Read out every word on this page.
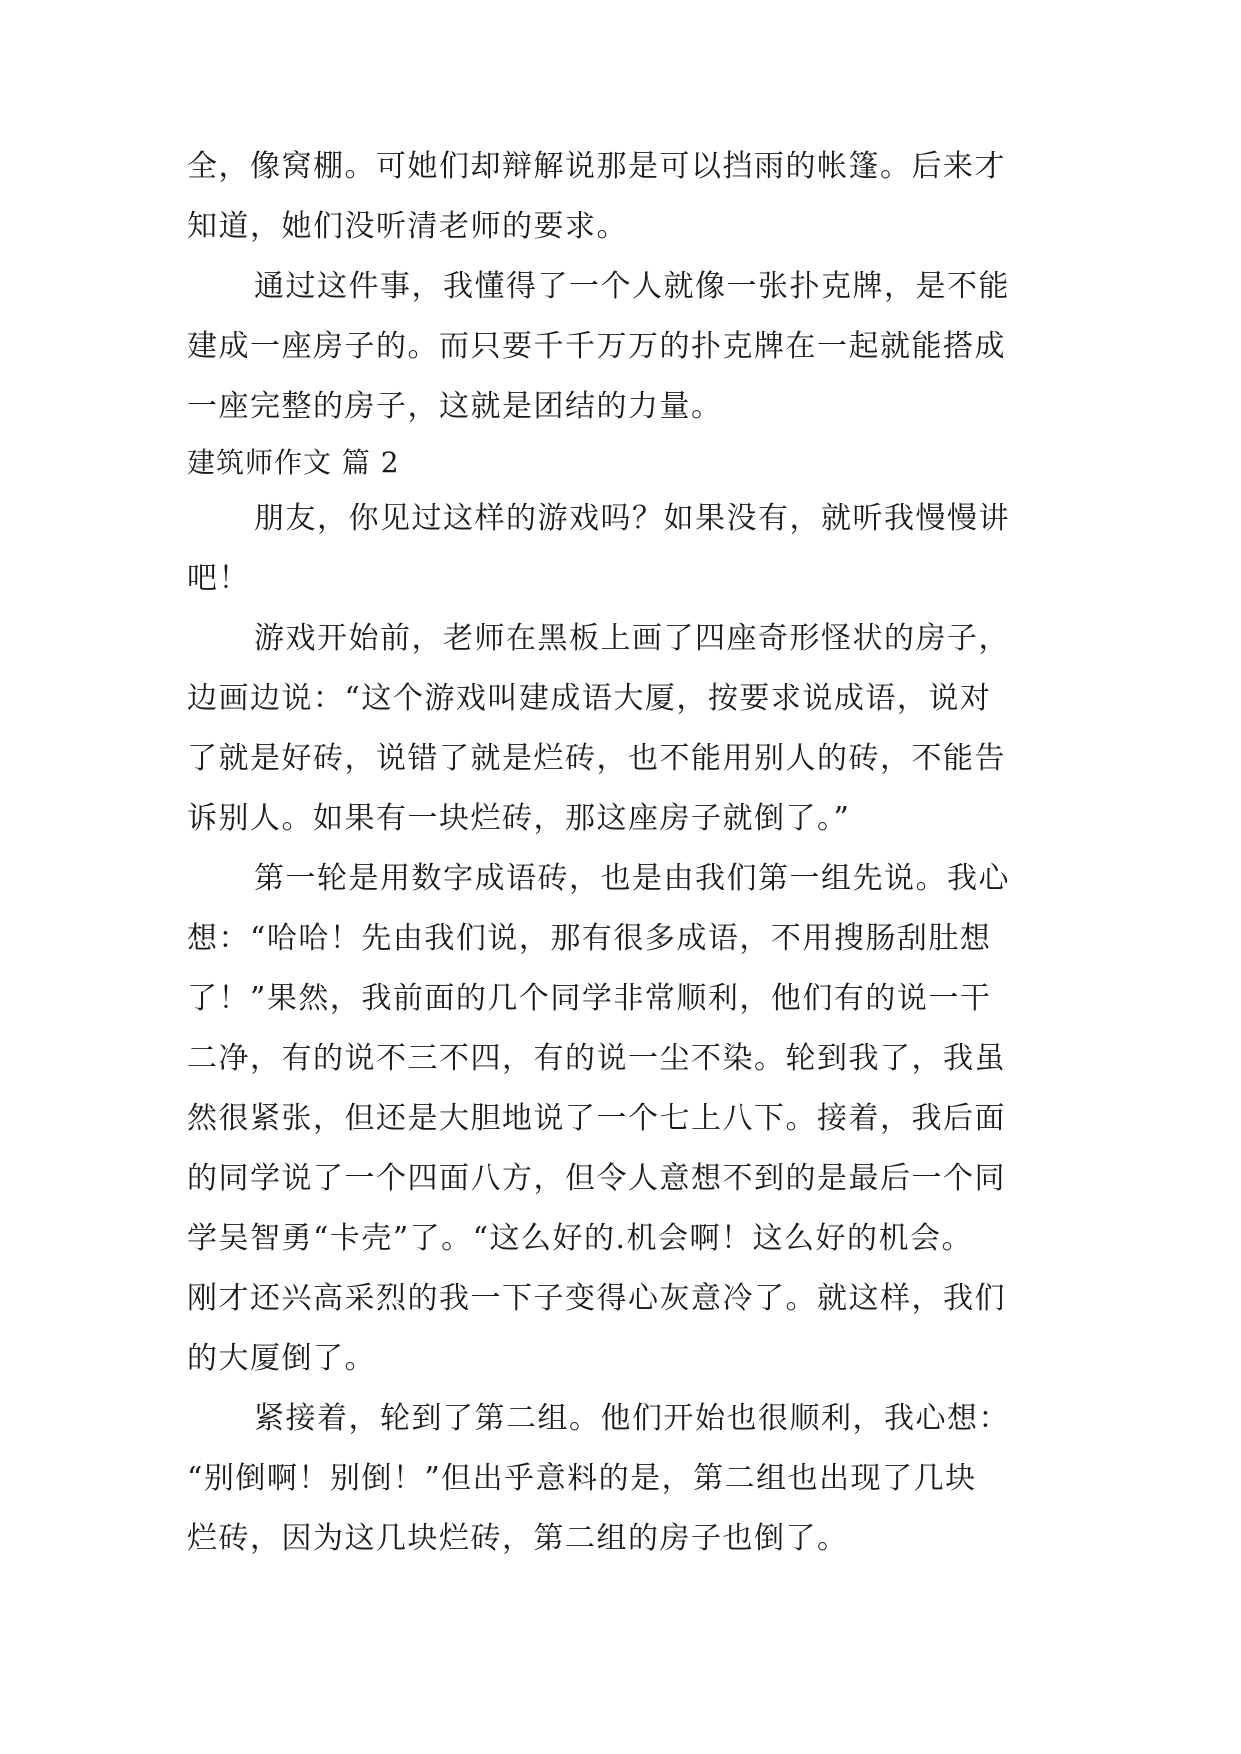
全，像窝棚。可她们却辩解说那是可以挡雨的帐篷。后来才
知道，她们没听清老师的要求。
通过这件事，我懂得了一个人就像一张扑克牌，是不能
建成一座房子的。而只要千千万万的扑克牌在一起就能搭成
一座完整的房子，这就是团结的力量。
建筑师作文 篇 2
朋友，你见过这样的游戏吗？如果没有，就听我慢慢讲
吧！
游戏开始前，老师在黑板上画了四座奇形怪状的房子，
边画边说：“这个游戏叫建成语大厦，按要求说成语，说对
了就是好砖，说错了就是烂砖，也不能用别人的砖，不能告
诉别人。如果有一块烂砖，那这座房子就倒了。”
第一轮是用数字成语砖，也是由我们第一组先说。我心
想：“哈哈！先由我们说，那有很多成语，不用搜肠刮肚想
了！”果然，我前面的几个同学非常顺利，他们有的说一干
二净，有的说不三不四，有的说一尘不染。轮到我了，我虽
然很紧张，但还是大胆地说了一个七上八下。接着，我后面
的同学说了一个四面八方，但令人意想不到的是最后一个同
学吴智勇“卡壳”了。“这么好的.机会啊！这么好的机会。
刚才还兴高采烈的我一下子变得心灰意冷了。就这样，我们
的大厦倒了。
紧接着，轮到了第二组。他们开始也很顺利，我心想：
“别倒啊！别倒！”但出乎意料的是，第二组也出现了几块
烂砖，因为这几块烂砖，第二组的房子也倒了。
